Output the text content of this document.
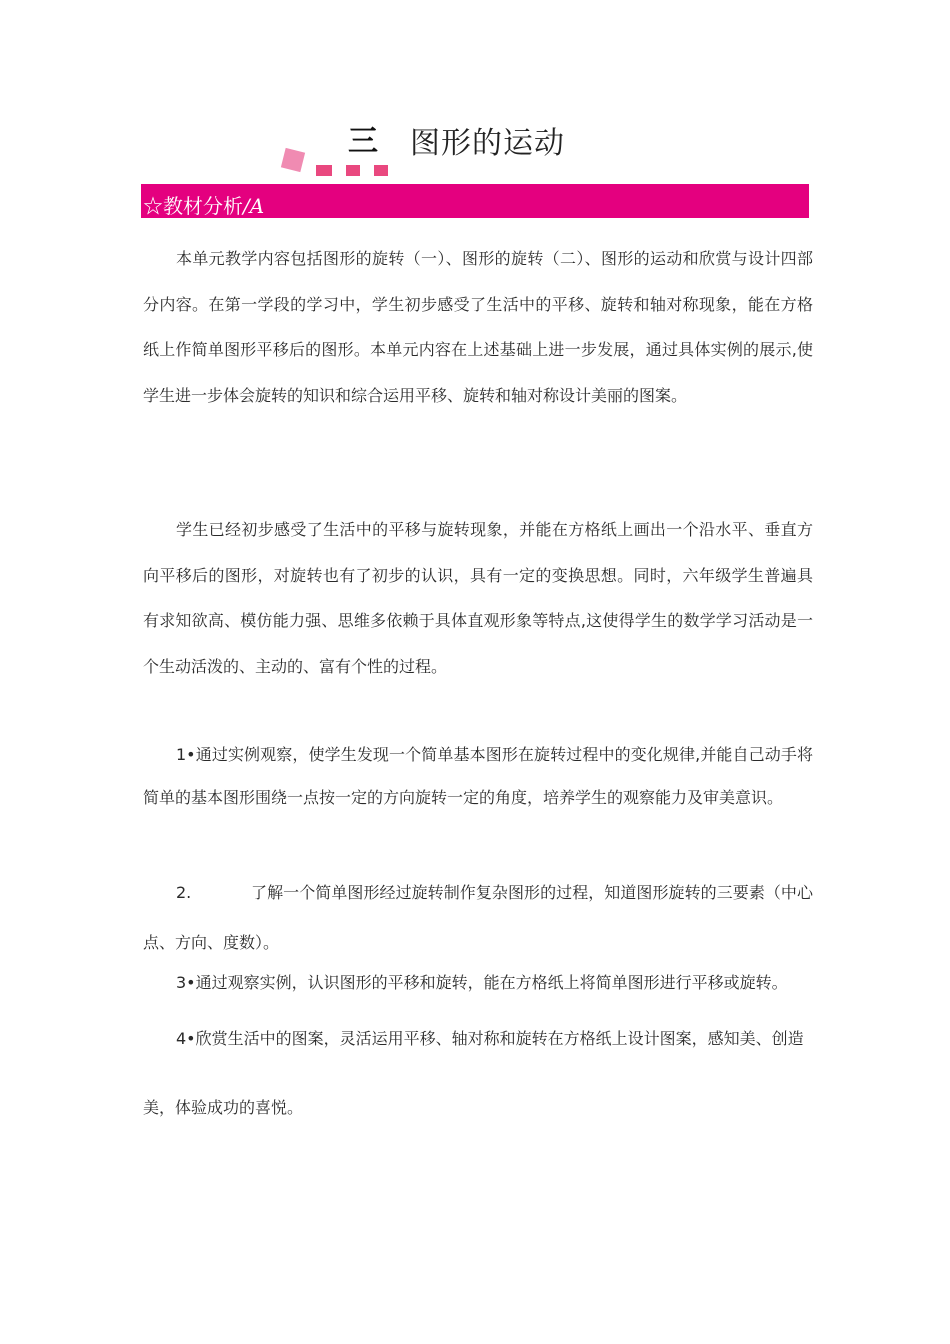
三 图形的运动
☆教材分析/A

本单元教学内容包括图形的旋转（一）、图形的旋转（二）、图形的运动和欣赏与设计四部分内容。在第一学段的学习中，学生初步感受了生活中的平移、旋转和轴对称现象，能在方格纸上作简单图形平移后的图形。本单元内容在上述基础上进一步发展，通过具体实例的展示,使学生进一步体会旋转的知识和综合运用平移、旋转和轴对称设计美丽的图案。

学生已经初步感受了生活中的平移与旋转现象，并能在方格纸上画出一个沿水平、垂直方向平移后的图形，对旋转也有了初步的认识，具有一定的变换思想。同时，六年级学生普遍具有求知欲高、模仿能力强、思维多依赖于具体直观形象等特点,这使得学生的数学学习活动是一个生动活泼的、主动的、富有个性的过程。

1•通过实例观察，使学生发现一个简单基本图形在旋转过程中的变化规律,并能自己动手将简单的基本图形围绕一点按一定的方向旋转一定的角度，培养学生的观察能力及审美意识。

2.	了解一个简单图形经过旋转制作复杂图形的过程，知道图形旋转的三要素（中心点、方向、度数）。

3•通过观察实例，认识图形的平移和旋转，能在方格纸上将简单图形进行平移或旋转。

4•欣赏生活中的图案，灵活运用平移、轴对称和旋转在方格纸上设计图案，感知美、创造

美，体验成功的喜悦。
